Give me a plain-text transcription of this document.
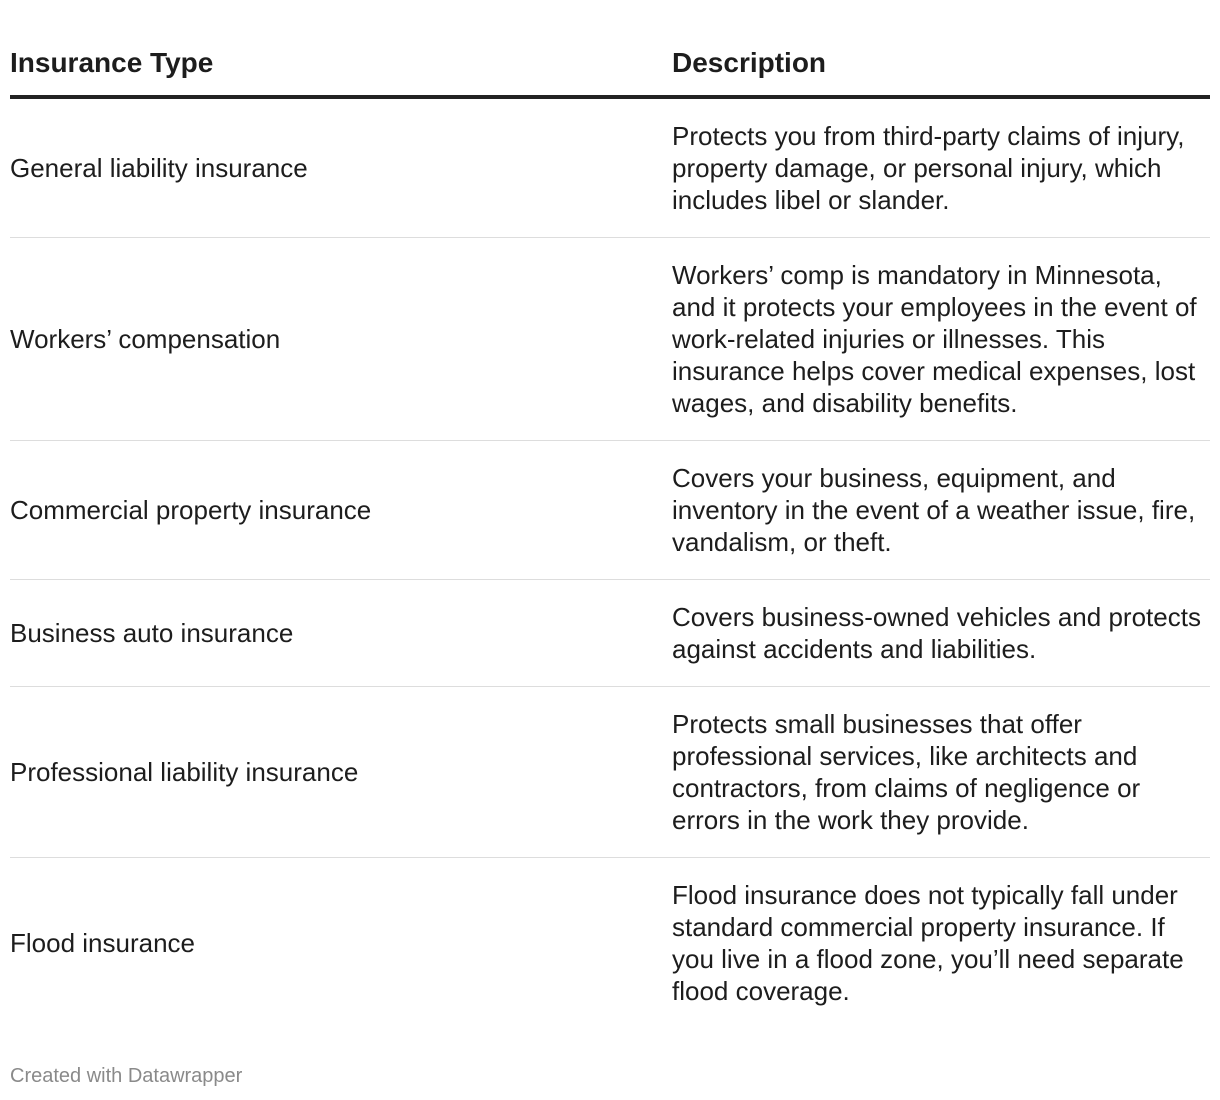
Insurance Type	Description
General liability insurance	Protects you from third-party claims of injury, property damage, or personal injury, which includes libel or slander.
Workers’ compensation	Workers’ comp is mandatory in Minnesota, and it protects your employees in the event of work-related injuries or illnesses. This insurance helps cover medical expenses, lost wages, and disability benefits.
Commercial property insurance	Covers your business, equipment, and inventory in the event of a weather issue, fire, vandalism, or theft.
Business auto insurance	Covers business-owned vehicles and protects against accidents and liabilities.
Professional liability insurance	Protects small businesses that offer professional services, like architects and contractors, from claims of negligence or errors in the work they provide.
Flood insurance	Flood insurance does not typically fall under standard commercial property insurance. If you live in a flood zone, you’ll need separate flood coverage.
Created with Datawrapper
